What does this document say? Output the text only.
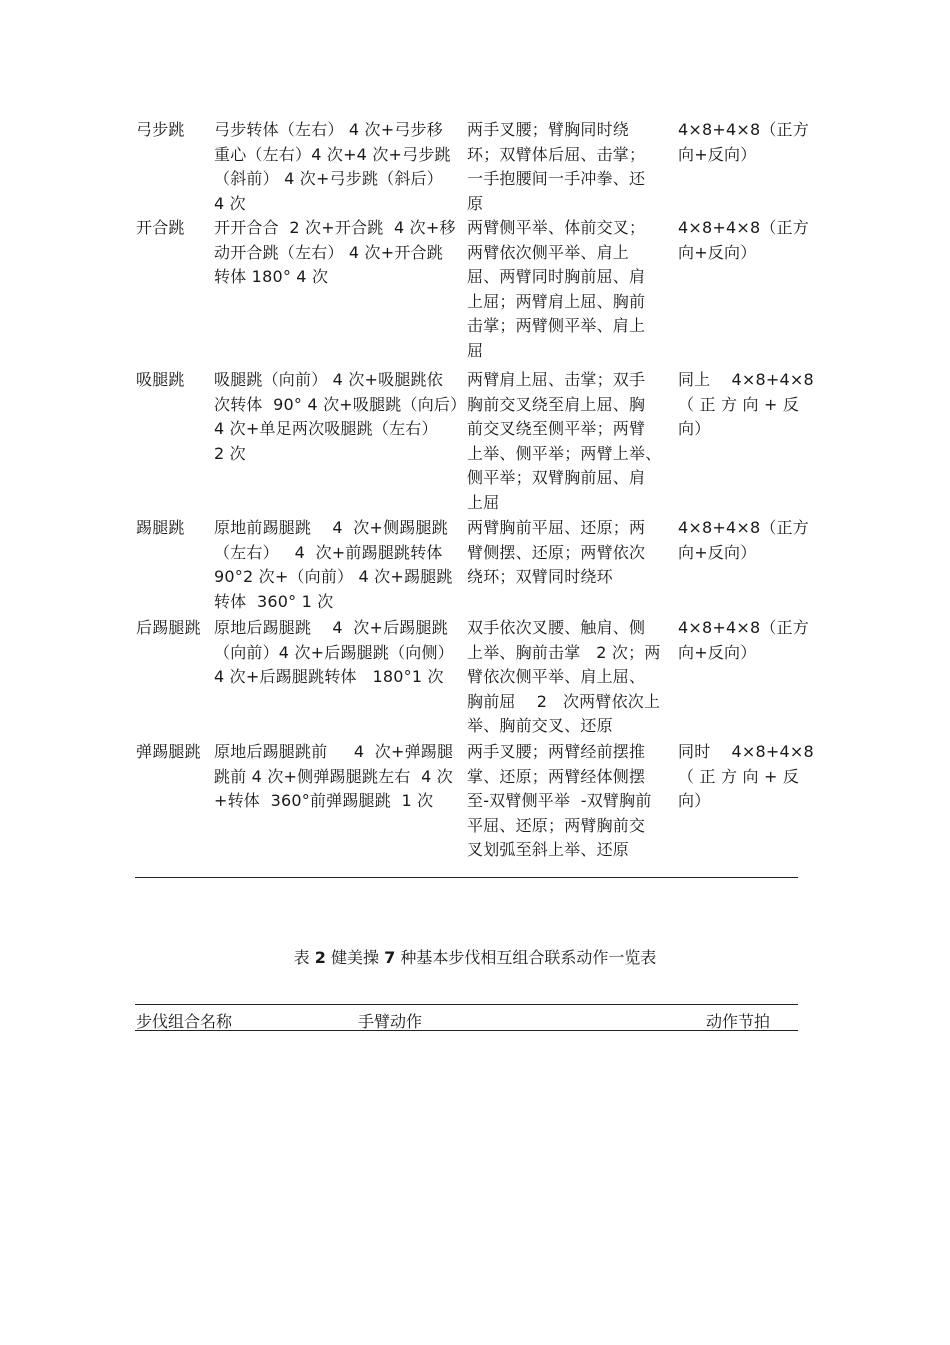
弓步跳 弓步转体（左右） 4 次+弓步移
重心（左右）4 次+4 次+弓步跳
（斜前） 4 次+弓步跳（斜后）
4 次
两手叉腰；臂胸同时绕
环；双臂体后屈、击掌；
一手抱腰间一手冲拳、还
原
4×8+4×8（正方
向+反向）
开合跳 开开合合  2 次+开合跳  4 次+移
动开合跳（左右） 4 次+开合跳
转体 180° 4 次
两臂侧平举、体前交叉；
两臂依次侧平举、肩上
屈、两臂同时胸前屈、肩
上屈；两臂肩上屈、胸前
击掌；两臂侧平举、肩上
屈
4×8+4×8（正方
向+反向）
吸腿跳 吸腿跳（向前） 4 次+吸腿跳依
次转体  90° 4 次+吸腿跳（向后）
4 次+单足两次吸腿跳（左右）
2 次
两臂肩上屈、击掌；双手
胸前交叉绕至肩上屈、胸
前交叉绕至侧平举；两臂
上举、侧平举；两臂上举、
侧平举；双臂胸前屈、肩
上屈
同上    4×8+4×8
（ 正 方 向 + 反
向）
踢腿跳 原地前踢腿跳    4  次+侧踢腿跳
（左右）   4  次+前踢腿跳转体
90°2 次+（向前） 4 次+踢腿跳
转体  360° 1 次
两臂胸前平屈、还原；两
臂侧摆、还原；两臂依次
绕环；双臂同时绕环
4×8+4×8（正方
向+反向）
后踢腿跳 原地后踢腿跳    4  次+后踢腿跳
（向前）4 次+后踢腿跳（向侧）
4 次+后踢腿跳转体   180°1 次
双手依次叉腰、触肩、侧
上举、胸前击掌   2 次；两
臂依次侧平举、肩上屈、
胸前屈    2   次两臂依次上
举、胸前交叉、还原
4×8+4×8（正方
向+反向）
弹踢腿跳 原地后踢腿跳前     4  次+弹踢腿
跳前 4 次+侧弹踢腿跳左右  4 次
+转体  360°前弹踢腿跳  1 次
两手叉腰；两臂经前摆推
掌、还原；两臂经体侧摆
至-双臂侧平举  -双臂胸前
平屈、还原；两臂胸前交
叉划弧至斜上举、还原
同时    4×8+4×8
（ 正 方 向 + 反
向）
表 2 健美操 7 种基本步伐相互组合联系动作一览表
步伐组合名称	手臂动作	动作节拍
